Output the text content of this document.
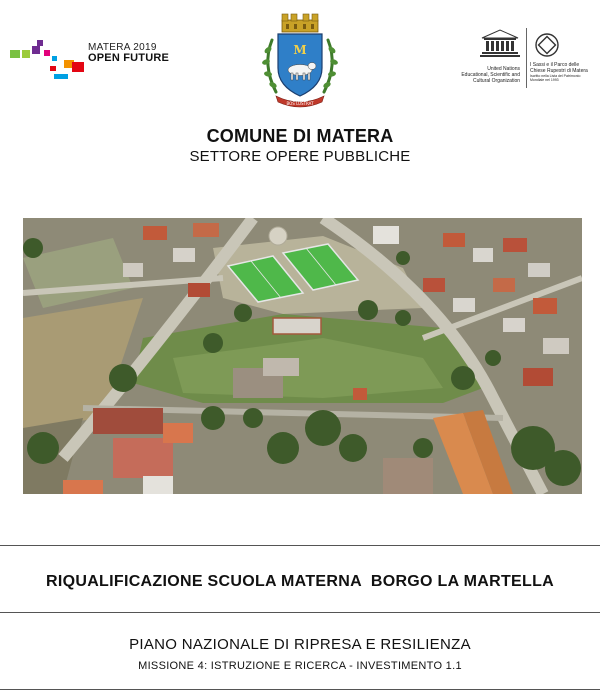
MATERA 2019
OPEN FUTURE
M
BOS LUSTRAT
United Nations
Educational, Scientific and
Cultural Organization
I Sassi e il Parco delle
Chiese Rupestri di Matera
Iscritto nella Lista del Patrimonio Mondiale nel 1993
COMUNE DI MATERA
SETTORE OPERE PUBBLICHE
RIQUALIFICAZIONE SCUOLA MATERNA  BORGO LA MARTELLA
PIANO NAZIONALE DI RIPRESA E RESILIENZA
MISSIONE 4: ISTRUZIONE E RICERCA - INVESTIMENTO 1.1
